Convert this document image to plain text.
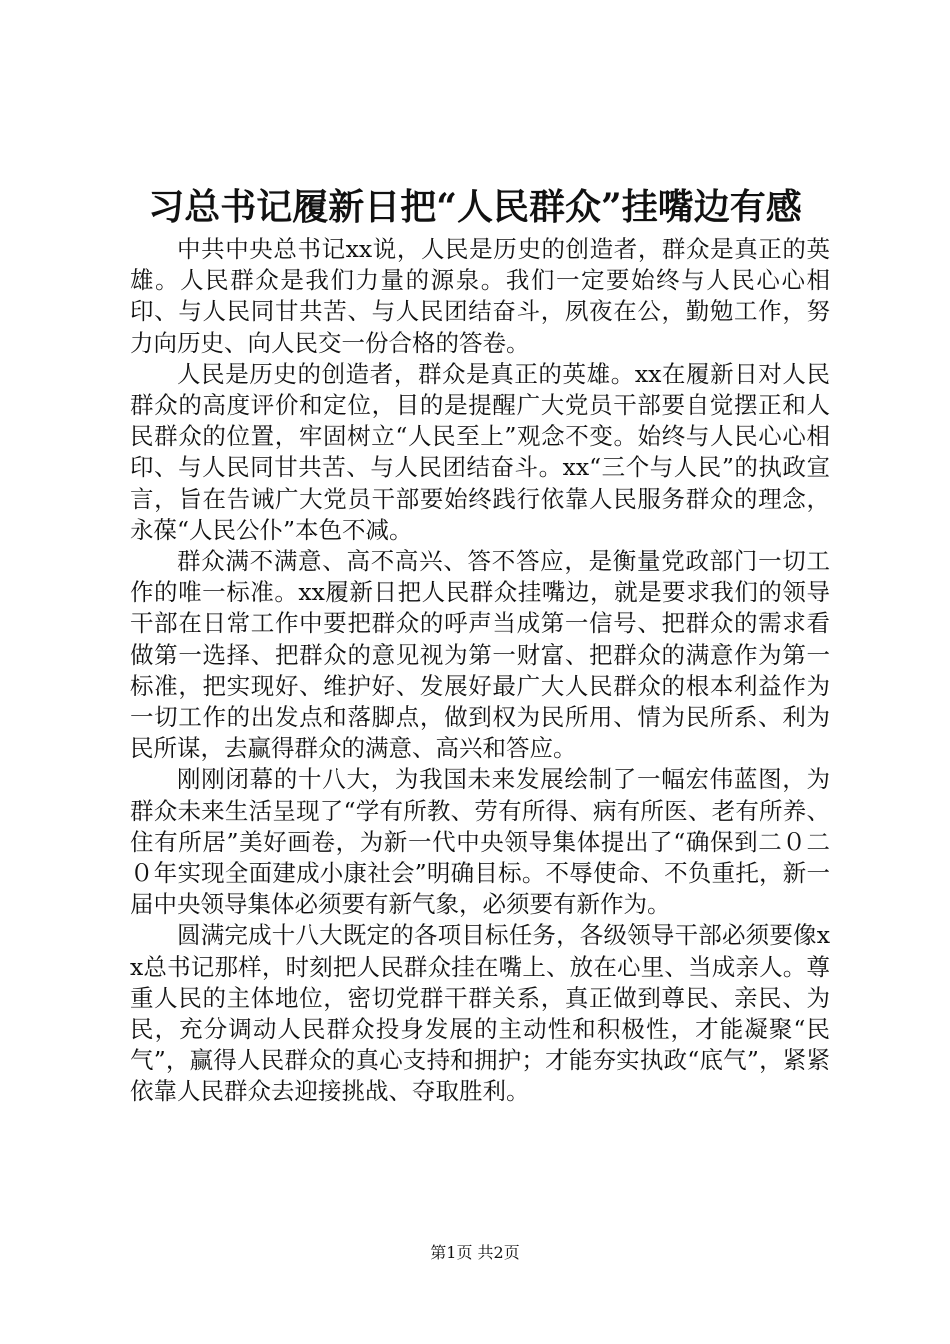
习总书记履新日把“人民群众”挂嘴边有感

中共中央总书记xx说，人民是历史的创造者，群众是真正的英雄。人民群众是我们力量的源泉。我们一定要始终与人民心心相印、与人民同甘共苦、与人民团结奋斗，夙夜在公，勤勉工作，努力向历史、向人民交一份合格的答卷。

人民是历史的创造者，群众是真正的英雄。xx在履新日对人民群众的高度评价和定位，目的是提醒广大党员干部要自觉摆正和人民群众的位置，牢固树立“人民至上”观念不变。始终与人民心心相印、与人民同甘共苦、与人民团结奋斗。xx“三个与人民”的执政宣言，旨在告诫广大党员干部要始终践行依靠人民服务群众的理念，永葆“人民公仆”本色不减。

群众满不满意、高不高兴、答不答应，是衡量党政部门一切工作的唯一标准。xx履新日把人民群众挂嘴边，就是要求我们的领导干部在日常工作中要把群众的呼声当成第一信号、把群众的需求看做第一选择、把群众的意见视为第一财富、把群众的满意作为第一标准，把实现好、维护好、发展好最广大人民群众的根本利益作为一切工作的出发点和落脚点，做到权为民所用、情为民所系、利为民所谋，去赢得群众的满意、高兴和答应。

刚刚闭幕的十八大，为我国未来发展绘制了一幅宏伟蓝图，为群众未来生活呈现了“学有所教、劳有所得、病有所医、老有所养、住有所居”美好画卷，为新一代中央领导集体提出了“确保到二０二０年实现全面建成小康社会”明确目标。不辱使命、不负重托，新一届中央领导集体必须要有新气象，必须要有新作为。

圆满完成十八大既定的各项目标任务，各级领导干部必须要像xx总书记那样，时刻把人民群众挂在嘴上、放在心里、当成亲人。尊重人民的主体地位，密切党群干群关系，真正做到尊民、亲民、为民，充分调动人民群众投身发展的主动性和积极性，才能凝聚“民气”，赢得人民群众的真心支持和拥护；才能夯实执政“底气”，紧紧依靠人民群众去迎接挑战、夺取胜利。

第1页 共2页
